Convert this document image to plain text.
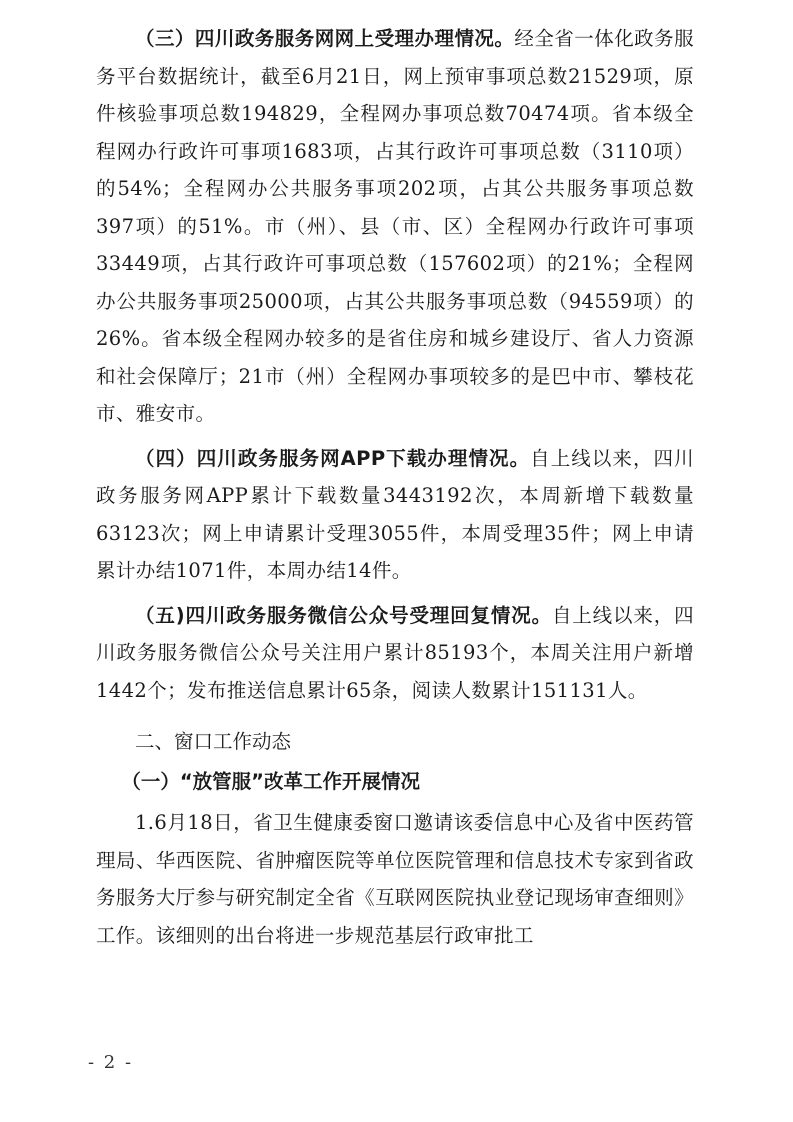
（三）四川政务服务网网上受理办理情况。经全省一体化政务服务平台数据统计，截至6月21日，网上预审事项总数21529项，原件核验事项总数194829，全程网办事项总数70474项。省本级全程网办行政许可事项1683项，占其行政许可事项总数（3110项）的54%；全程网办公共服务事项202项，占其公共服务事项总数397项）的51%。市（州）、县（市、区）全程网办行政许可事项33449项，占其行政许可事项总数（157602项）的21%；全程网办公共服务事项25000项，占其公共服务事项总数（94559项）的26%。省本级全程网办较多的是省住房和城乡建设厅、省人力资源和社会保障厅；21市（州）全程网办事项较多的是巴中市、攀枝花市、雅安市。

（四）四川政务服务网APP下载办理情况。自上线以来，四川政务服务网APP累计下载数量3443192次，本周新增下载数量63123次；网上申请累计受理3055件，本周受理35件；网上申请累计办结1071件，本周办结14件。

（五)四川政务服务微信公众号受理回复情况。自上线以来，四川政务服务微信公众号关注用户累计85193个，本周关注用户新增1442个；发布推送信息累计65条，阅读人数累计151131人。

二、窗口工作动态

（一）“放管服”改革工作开展情况

1.6月18日，省卫生健康委窗口邀请该委信息中心及省中医药管理局、华西医院、省肿瘤医院等单位医院管理和信息技术专家到省政务服务大厅参与研究制定全省《互联网医院执业登记现场审查细则》工作。该细则的出台将进一步规范基层行政审批工

- 2 -
